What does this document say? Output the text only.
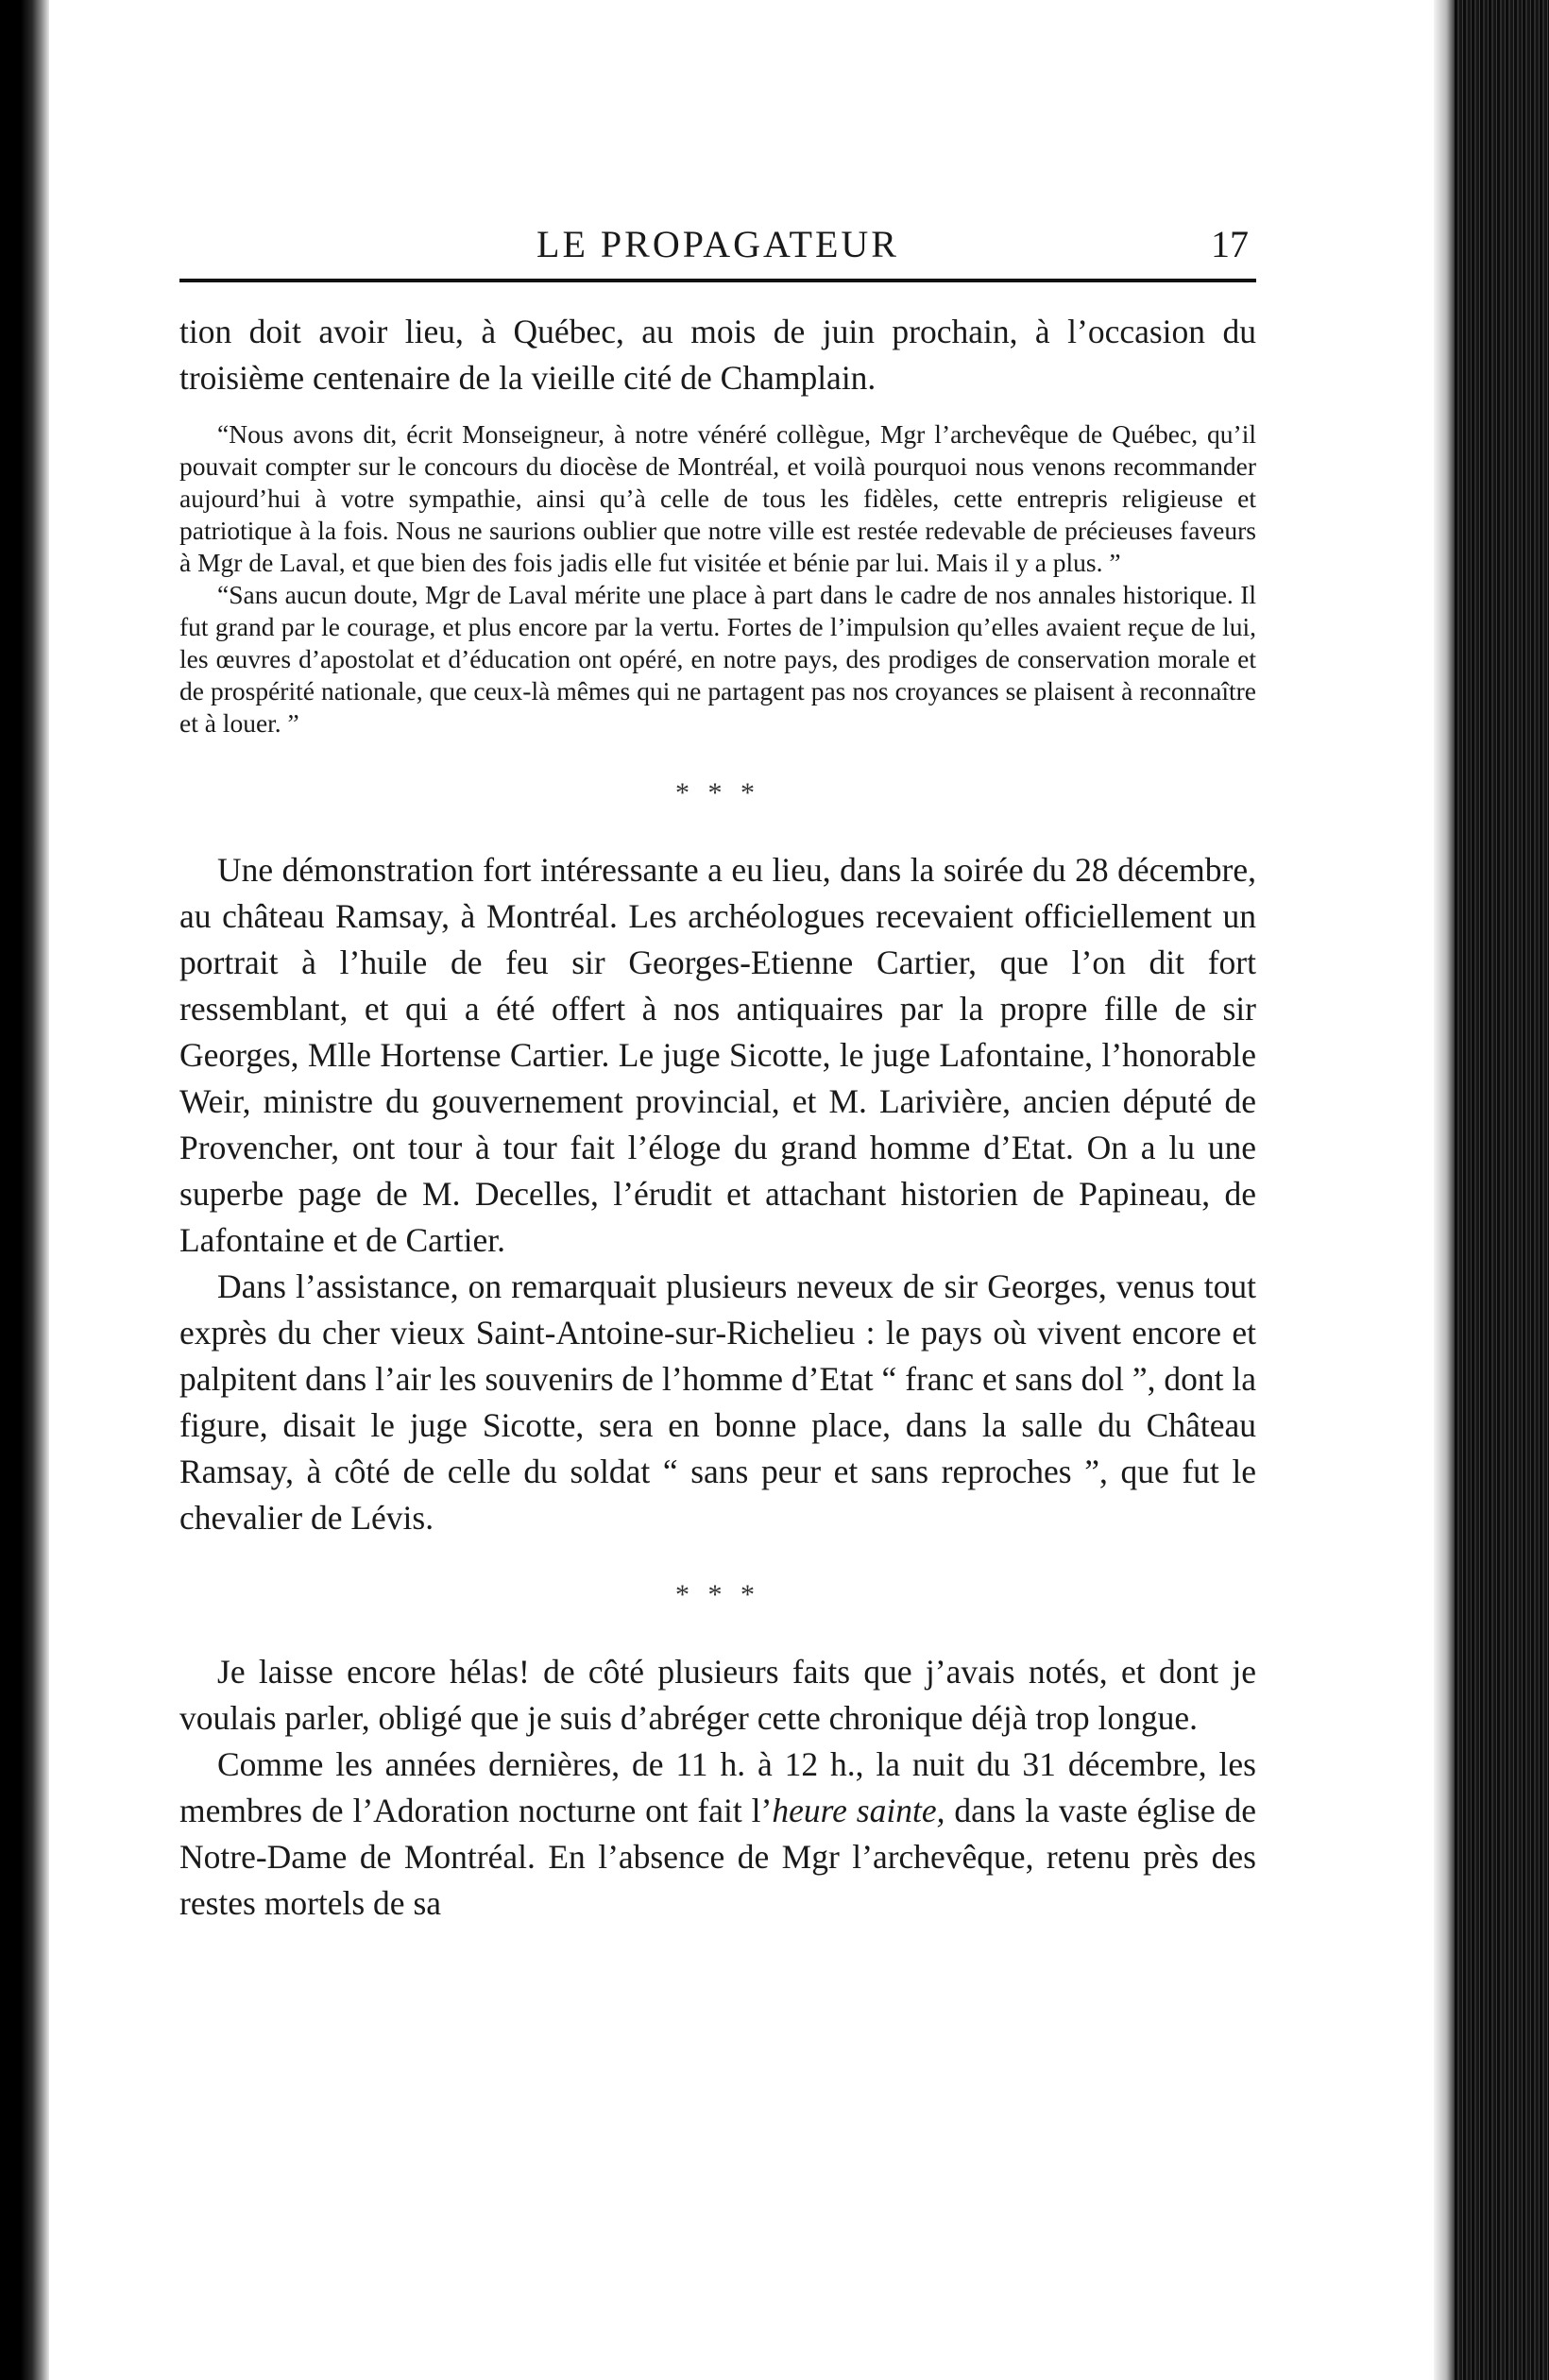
LE PROPAGATEUR	17

tion doit avoir lieu, à Québec, au mois de juin prochain, à l’occasion du troisième centenaire de la vieille cité de Champlain.

“Nous avons dit, écrit Monseigneur, à notre vénéré collègue, Mgr l’archevêque de Québec, qu’il pouvait compter sur le concours du diocèse de Montréal, et voilà pourquoi nous venons recommander aujourd’hui à votre sympathie, ainsi qu’à celle de tous les fidèles, cette entrepris religieuse et patriotique à la fois. Nous ne saurions oublier que notre ville est restée redevable de précieuses faveurs à Mgr de Laval, et que bien des fois jadis elle fut visitée et bénie par lui. Mais il y a plus. ”

“Sans aucun doute, Mgr de Laval mérite une place à part dans le cadre de nos annales historique. Il fut grand par le courage, et plus encore par la vertu. Fortes de l’impulsion qu’elles avaient reçue de lui, les œuvres d’apostolat et d’éducation ont opéré, en notre pays, des prodiges de conservation morale et de prospérité nationale, que ceux-là mêmes qui ne partagent pas nos croyances se plaisent à reconnaître et à louer. ”

* * *

Une démonstration fort intéressante a eu lieu, dans la soirée du 28 décembre, au château Ramsay, à Montréal. Les archéologues recevaient officiellement un portrait à l’huile de feu sir Georges-Etienne Cartier, que l’on dit fort ressemblant, et qui a été offert à nos antiquaires par la propre fille de sir Georges, Mlle Hortense Cartier. Le juge Sicotte, le juge Lafontaine, l’honorable Weir, ministre du gouvernement provincial, et M. Larivière, ancien député de Provencher, ont tour à tour fait l’éloge du grand homme d’Etat. On a lu une superbe page de M. Decelles, l’érudit et attachant historien de Papineau, de Lafontaine et de Cartier.

Dans l’assistance, on remarquait plusieurs neveux de sir Georges, venus tout exprès du cher vieux Saint-Antoine-sur-Richelieu : le pays où vivent encore et palpitent dans l’air les souvenirs de l’homme d’Etat “ franc et sans dol ”, dont la figure, disait le juge Sicotte, sera en bonne place, dans la salle du Château Ramsay, à côté de celle du soldat “ sans peur et sans reproches ”, que fut le chevalier de Lévis.

* * *

Je laisse encore hélas! de côté plusieurs faits que j’avais notés, et dont je voulais parler, obligé que je suis d’abréger cette chronique déjà trop longue.

Comme les années dernières, de 11 h. à 12 h., la nuit du 31 décembre, les membres de l’Adoration nocturne ont fait l’heure sainte, dans la vaste église de Notre-Dame de Montréal. En l’absence de Mgr l’archevêque, retenu près des restes mortels de sa
